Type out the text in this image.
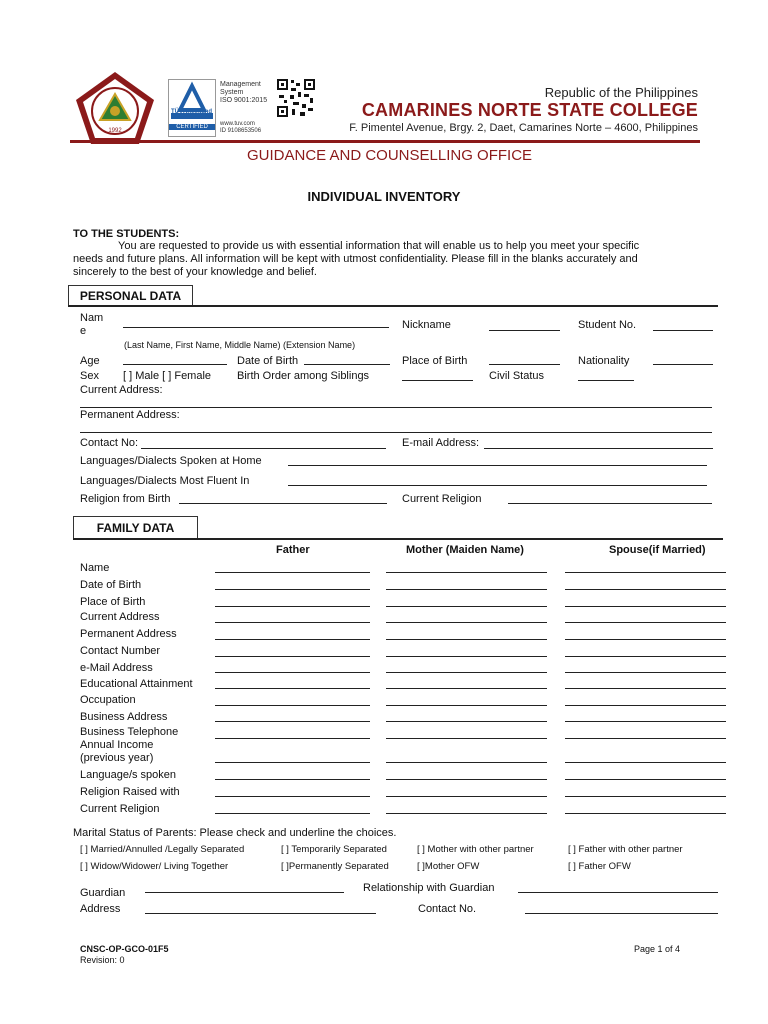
1992
TÜVRheinland
CERTIFIED
Management
System
ISO 9001:2015
www.tuv.com
ID 9108653506
Republic of the Philippines
CAMARINES NORTE STATE COLLEGE
F. Pimentel Avenue, Brgy. 2, Daet, Camarines Norte – 4600, Philippines
GUIDANCE AND COUNSELLING OFFICE
INDIVIDUAL INVENTORY
TO THE STUDENTS:
You are requested to provide us with essential information that will enable us to help you meet your specific
needs and future plans. All information will be kept with utmost confidentiality. Please fill in the blanks accurately and
sincerely to the best of your knowledge and belief.
PERSONAL DATA
Nam
e	Nickname	Student No.
(Last Name, First Name, Middle Name) (Extension Name)
Age	Date of Birth	Place of Birth	Nationality
Sex [ ] Male [ ] Female Birth Order among Siblings	Civil Status
Current Address:
Permanent Address:
Contact No:	E-mail Address:
Languages/Dialects Spoken at Home
Languages/Dialects Most Fluent In
Religion from Birth	Current Religion
FAMILY DATA
Father	Mother (Maiden Name)	Spouse(if Married)
Name
Date of Birth
Place of Birth
Current Address
Permanent Address
Contact Number
e-Mail Address
Educational Attainment
Occupation
Business Address
Business Telephone
Annual Income
(previous year)
Language/s spoken
Religion Raised with
Current Religion
Marital Status of Parents: Please check and underline the choices.
[ ] Married/Annulled /Legally Separated	[ ] Temporarily Separated	[ ] Mother with other partner	[ ] Father with other partner
[ ] Widow/Widower/ Living Together	[ ]Permanently Separated	[ ]Mother OFW	[ ] Father OFW
Guardian	Relationship with Guardian
Address	Contact No.
CNSC-OP-GCO-01F5
Revision: 0
Page 1 of 4
